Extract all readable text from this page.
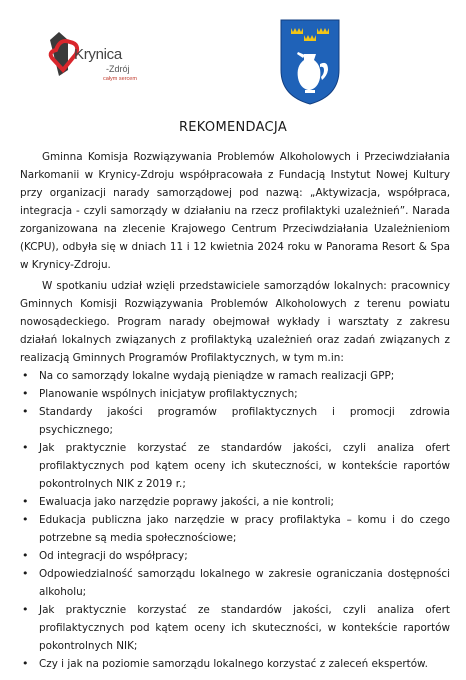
Krynica
-Zdrój
całym sercem
REKOMENDACJA

Gminna Komisja Rozwiązywania Problemów Alkoholowych i Przeciwdziałania Narkomanii w Krynicy-Zdroju współpracowała z Fundacją Instytut Nowej Kultury przy organizacji narady samorządowej pod nazwą: „Aktywizacja, współpraca, integracja - czyli samorządy w działaniu na rzecz profilaktyki uzależnień”. Narada zorganizowana na zlecenie Krajowego Centrum Przeciwdziałania Uzależnieniom (KCPU), odbyła się w dniach 11 i 12 kwietnia 2024 roku w Panorama Resort & Spa w Krynicy-Zdroju.

W spotkaniu udział wzięli przedstawiciele samorządów lokalnych: pracownicy Gminnych Komisji Rozwiązywania Problemów Alkoholowych z terenu powiatu nowosądeckiego. Program narady obejmował wykłady i warsztaty z zakresu działań lokalnych związanych z profilaktyką uzależnień oraz zadań związanych z realizacją Gminnych Programów Profilaktycznych, w tym m.in:

• Na co samorządy lokalne wydają pieniądze w ramach realizacji GPP;
• Planowanie wspólnych inicjatyw profilaktycznych;
• Standardy jakości programów profilaktycznych i promocji zdrowia psychicznego;
• Jak praktycznie korzystać ze standardów jakości, czyli analiza ofert profilaktycznych pod kątem oceny ich skuteczności, w kontekście raportów pokontrolnych NIK z 2019 r.;
• Ewaluacja jako narzędzie poprawy jakości, a nie kontroli;
• Edukacja publiczna jako narzędzie w pracy profilaktyka – komu i do czego potrzebne są media społecznościowe;
• Od integracji do współpracy;
• Odpowiedzialność samorządu lokalnego w zakresie ograniczania dostępności alkoholu;
• Jak praktycznie korzystać ze standardów jakości, czyli analiza ofert profilaktycznych pod kątem oceny ich skuteczności, w kontekście raportów pokontrolnych NIK;
• Czy i jak na poziomie samorządu lokalnego korzystać z zaleceń ekspertów.
